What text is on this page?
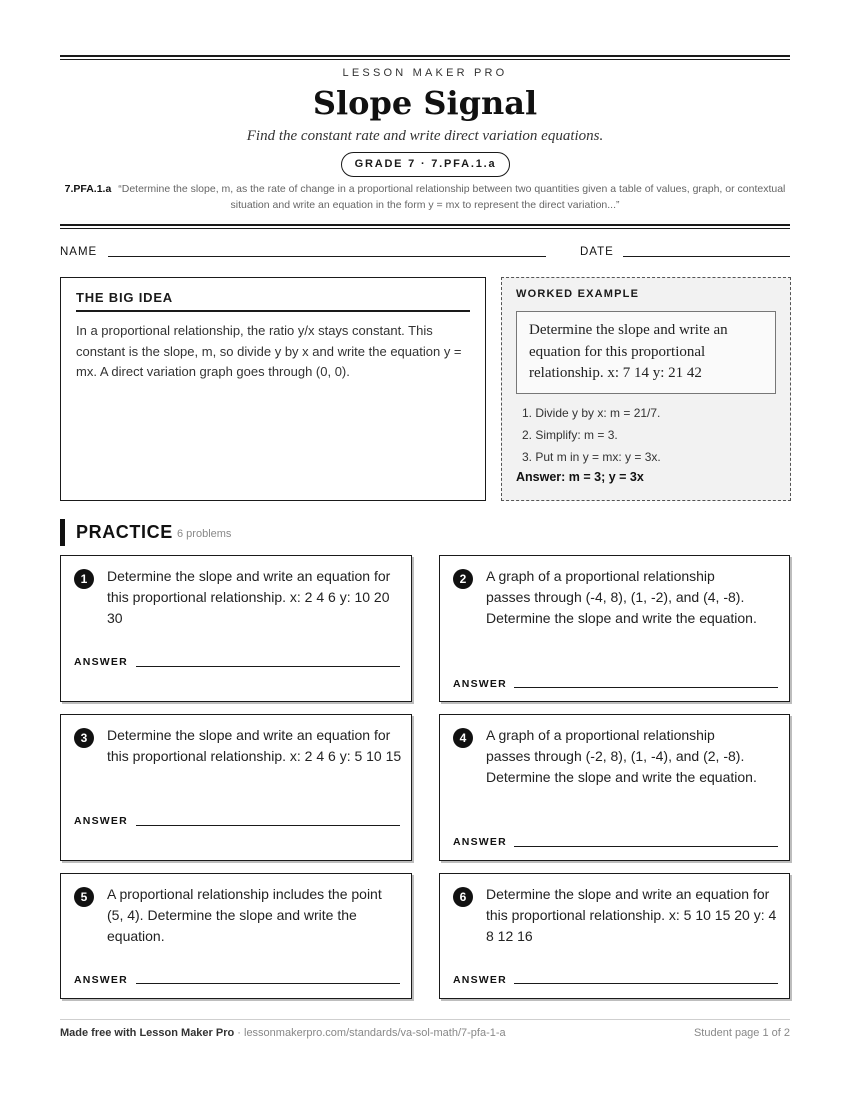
LESSON MAKER PRO
Slope Signal
Find the constant rate and write direct variation equations.
GRADE 7 · 7.PFA.1.a
7.PFA.1.a “Determine the slope, m, as the rate of change in a proportional relationship between two quantities given a table of values, graph, or contextual situation and write an equation in the form y = mx to represent the direct variation...”
NAME	DATE
THE BIG IDEA

In a proportional relationship, the ratio y/x stays constant. This constant is the slope, m, so divide y by x and write the equation y = mx. A direct variation graph goes through (0, 0).

WORKED EXAMPLE
Determine the slope and write an equation for this proportional relationship. x: 7 14 y: 21 42
1. Divide y by x: m = 21/7.
2. Simplify: m = 3.
3. Put m in y = mx: y = 3x.
Answer: m = 3; y = 3x
PRACTICE 6 problems
1	Determine the slope and write an equation for this proportional relationship. x: 2 4 6 y: 10 20 30
ANSWER
2	A graph of a proportional relationship passes through (-4, 8), (1, -2), and (4, -8). Determine the slope and write the equation.
ANSWER
3	Determine the slope and write an equation for this proportional relationship. x: 2 4 6 y: 5 10 15
ANSWER
4	A graph of a proportional relationship passes through (-2, 8), (1, -4), and (2, -8). Determine the slope and write the equation.
ANSWER
5	A proportional relationship includes the point (5, 4). Determine the slope and write the equation.
ANSWER
6	Determine the slope and write an equation for this proportional relationship. x: 5 10 15 20 y: 4 8 12 16
ANSWER
Made free with Lesson Maker Pro · lessonmakerpro.com/standards/va-sol-math/7-pfa-1-a	Student page 1 of 2
